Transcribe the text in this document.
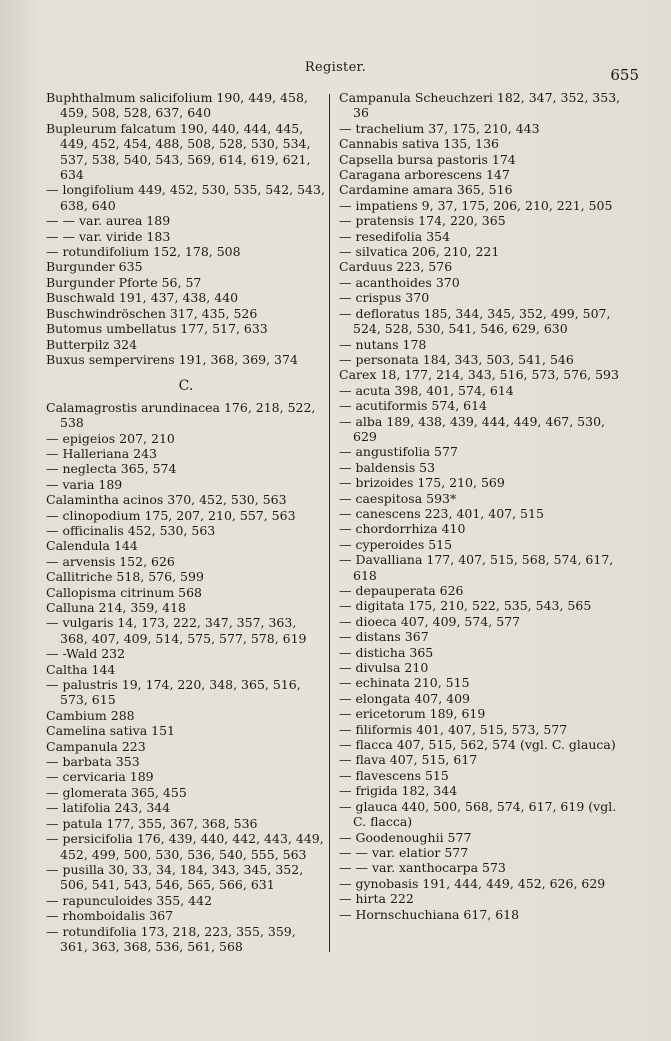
Register.	655
Buphthalmum salicifolium 190, 449, 458, 459, 508, 528, 637, 640
Bupleurum falcatum 190, 440, 444, 445, 449, 452, 454, 488, 508, 528, 530, 534, 537, 538, 540, 543, 569, 614, 619, 621, 634
— longifolium 449, 452, 530, 535, 542, 543, 638, 640
— — var. aurea 189
— — var. viride 183
— rotundifolium 152, 178, 508
Burgunder 635
Burgunder Pforte 56, 57
Buschwald 191, 437, 438, 440
Buschwindröschen 317, 435, 526
Butomus umbellatus 177, 517, 633
Butterpilz 324
Buxus sempervirens 191, 368, 369, 374
C.
Calamagrostis arundinacea 176, 218, 522, 538
— epigeios 207, 210
— Halleriana 243
— neglecta 365, 574
— varia 189
Calamintha acinos 370, 452, 530, 563
— clinopodium 175, 207, 210, 557, 563
— officinalis 452, 530, 563
Calendula 144
— arvensis 152, 626
Callitriche 518, 576, 599
Callopisma citrinum 568
Calluna 214, 359, 418
— vulgaris 14, 173, 222, 347, 357, 363, 368, 407, 409, 514, 575, 577, 578, 619
— -Wald 232
Caltha 144
— palustris 19, 174, 220, 348, 365, 516, 573, 615
Cambium 288
Camelina sativa 151
Campanula 223
— barbata 353
— cervicaria 189
— glomerata 365, 455
— latifolia 243, 344
— patula 177, 355, 367, 368, 536
— persicifolia 176, 439, 440, 442, 443, 449, 452, 499, 500, 530, 536, 540, 555, 563
— pusilla 30, 33, 34, 184, 343, 345, 352, 506, 541, 543, 546, 565, 566, 631
— rapunculoides 355, 442
— rhomboidalis 367
— rotundifolia 173, 218, 223, 355, 359, 361, 363, 368, 536, 561, 568
Campanula Scheuchzeri 182, 347, 352, 353, 36
— trachelium 37, 175, 210, 443
Cannabis sativa 135, 136
Capsella bursa pastoris 174
Caragana arborescens 147
Cardamine amara 365, 516
— impatiens 9, 37, 175, 206, 210, 221, 505
— pratensis 174, 220, 365
— resedifolia 354
— silvatica 206, 210, 221
Carduus 223, 576
— acanthoides 370
— crispus 370
— defloratus 185, 344, 345, 352, 499, 507, 524, 528, 530, 541, 546, 629, 630
— nutans 178
— personata 184, 343, 503, 541, 546
Carex 18, 177, 214, 343, 516, 573, 576, 593
— acuta 398, 401, 574, 614
— acutiformis 574, 614
— alba 189, 438, 439, 444, 449, 467, 530, 629
— angustifolia 577
— baldensis 53
— brizoides 175, 210, 569
— caespitosa 593*
— canescens 223, 401, 407, 515
— chordorrhiza 410
— cyperoides 515
— Davalliana 177, 407, 515, 568, 574, 617, 618
— depauperata 626
— digitata 175, 210, 522, 535, 543, 565
— dioeca 407, 409, 574, 577
— distans 367
— disticha 365
— divulsa 210
— echinata 210, 515
— elongata 407, 409
— ericetorum 189, 619
— filiformis 401, 407, 515, 573, 577
— flacca 407, 515, 562, 574 (vgl. C. glauca)
— flava 407, 515, 617
— flavescens 515
— frigida 182, 344
— glauca 440, 500, 568, 574, 617, 619 (vgl. C. flacca)
— Goodenoughii 577
— — var. elatior 577
— — var. xanthocarpa 573
— gynobasis 191, 444, 449, 452, 626, 629
— hirta 222
— Hornschuchiana 617, 618
